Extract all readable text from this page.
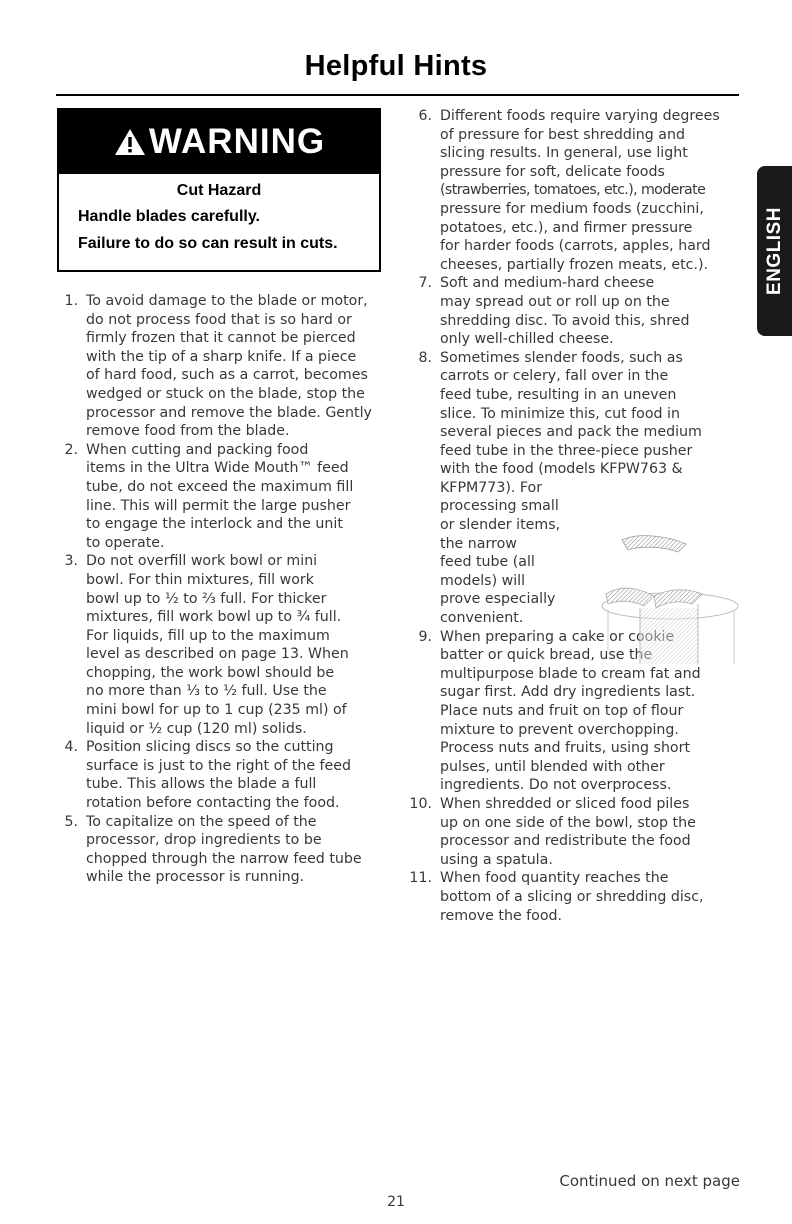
Helpful Hints
WARNING
Cut Hazard
Handle blades carefully.
Failure to do so can result in cuts.
1. To avoid damage to the blade or motor,
do not process food that is so hard or
firmly frozen that it cannot be pierced
with the tip of a sharp knife. If a piece
of hard food, such as a carrot, becomes
wedged or stuck on the blade, stop the
processor and remove the blade. Gently
remove food from the blade.
2. When cutting and packing food
items in the Ultra Wide Mouth™ feed
tube, do not exceed the maximum fill
line. This will permit the large pusher
to engage the interlock and the unit
to operate.
3. Do not overfill work bowl or mini
bowl. For thin mixtures, fill work
bowl up to ½ to ⅔ full. For thicker
mixtures, fill work bowl up to ¾ full.
For liquids, fill up to the maximum
level as described on page 13. When
chopping, the work bowl should be
no more than ⅓ to ½ full. Use the
mini bowl for up to 1 cup (235 ml) of
liquid or ½ cup (120 ml) solids.
4. Position slicing discs so the cutting
surface is just to the right of the feed
tube. This allows the blade a full
rotation before contacting the food.
5. To capitalize on the speed of the
processor, drop ingredients to be
chopped through the narrow feed tube
while the processor is running.
6. Different foods require varying degrees
of pressure for best shredding and
slicing results. In general, use light
pressure for soft, delicate foods
(strawberries, tomatoes, etc.), moderate
pressure for medium foods (zucchini,
potatoes, etc.), and firmer pressure
for harder foods (carrots, apples, hard
cheeses, partially frozen meats, etc.).
7. Soft and medium-hard cheese
may spread out or roll up on the
shredding disc. To avoid this, shred
only well-chilled cheese.
8. Sometimes slender foods, such as
carrots or celery, fall over in the
feed tube, resulting in an uneven
slice. To minimize this, cut food in
several pieces and pack the medium
feed tube in the three-piece pusher
with the food (models KFPW763 &
KFPM773). For
processing small
or slender items,
the narrow
feed tube (all
models) will
prove especially
convenient.
9. When preparing a cake or cookie
batter or quick bread, use the
multipurpose blade to cream fat and
sugar first. Add dry ingredients last.
Place nuts and fruit on top of flour
mixture to prevent overchopping.
Process nuts and fruits, using short
pulses, until blended with other
ingredients. Do not overprocess.
10. When shredded or sliced food piles
up on one side of the bowl, stop the
processor and redistribute the food
using a spatula.
11. When food quantity reaches the
bottom of a slicing or shredding disc,
remove the food.
ENGLISH
Continued on next page
21
